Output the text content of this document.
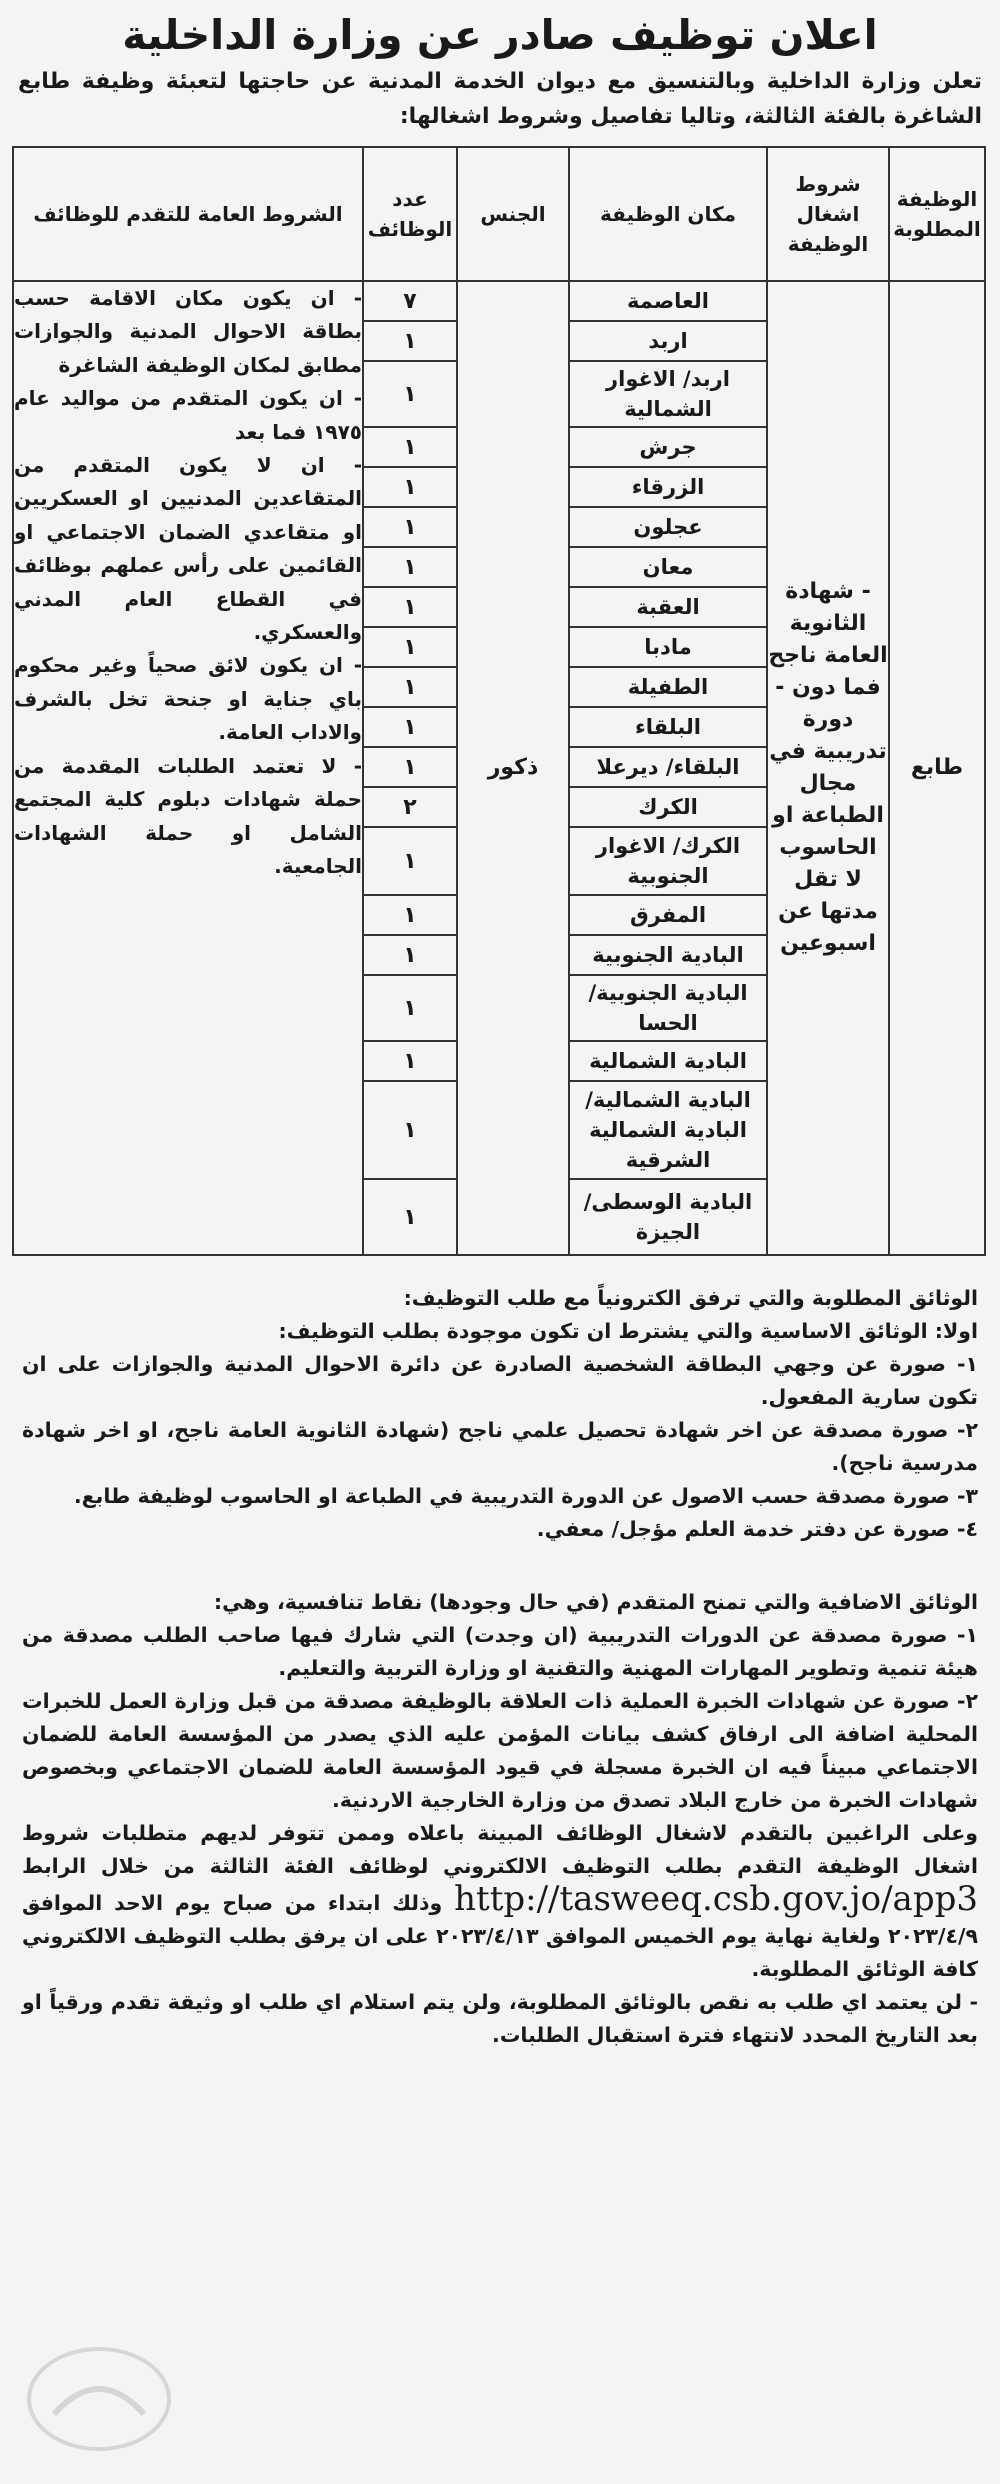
اعلان توظيف صادر عن وزارة الداخلية

تعلن وزارة الداخلية وبالتنسيق مع ديوان الخدمة المدنية عن حاجتها لتعبئة وظيفة طابع الشاغرة بالفئة الثالثة، وتاليا تفاصيل وشروط اشغالها:

الوظيفة المطلوبة	شروط اشغال الوظيفة	مكان الوظيفة	الجنس	عدد الوظائف	الشروط العامة للتقدم للوظائف
طابع	- شهادة الثانوية العامة ناجح فما دون - دورة تدريبية في مجال الطباعة او الحاسوب لا تقل مدتها عن اسبوعين	العاصمة	ذكور	٧	- ان يكون مكان الاقامة حسب بطاقة الاحوال المدنية والجوازات مطابق لمكان الوظيفة الشاغرة
- ان يكون المتقدم من مواليد عام ١٩٧٥ فما بعد
- ان لا يكون المتقدم من المتقاعدين المدنيين او العسكريين او متقاعدي الضمان الاجتماعي او القائمين على رأس عملهم بوظائف في القطاع العام المدني والعسكري.
- ان يكون لائق صحياً وغير محكوم باي جناية او جنحة تخل بالشرف والاداب العامة.
- لا تعتمد الطلبات المقدمة من حملة شهادات دبلوم كلية المجتمع الشامل او حملة الشهادات الجامعية.

		اربد		١	
		اربد/ الاغوار الشمالية		١	
		جرش		١	
		الزرقاء		١	
		عجلون		١	
		معان		١	
		العقبة		١	
		مادبا		١	
		الطفيلة		١	
		البلقاء		١	
		البلقاء/ ديرعلا		١	
		الكرك		٢	
		الكرك/ الاغوار الجنوبية		١	
		المفرق		١	
		البادية الجنوبية		١	
		البادية الجنوبية/ الحسا		١	
		البادية الشمالية		١	
		البادية الشمالية/ البادية الشمالية الشرقية		١	
		البادية الوسطى/ الجيزة		١	

الوثائق المطلوبة والتي ترفق الكترونياً مع طلب التوظيف:

اولا: الوثائق الاساسية والتي يشترط ان تكون موجودة بطلب التوظيف:

١- صورة عن وجهي البطاقة الشخصية الصادرة عن دائرة الاحوال المدنية والجوازات على ان تكون سارية المفعول.

٢- صورة مصدقة عن اخر شهادة تحصيل علمي ناجح (شهادة الثانوية العامة ناجح، او اخر شهادة مدرسية ناجح).

٣- صورة مصدقة حسب الاصول عن الدورة التدريبية في الطباعة او الحاسوب لوظيفة طابع.

٤- صورة عن دفتر خدمة العلم مؤجل/ معفي.

الوثائق الاضافية والتي تمنح المتقدم (في حال وجودها) نقاط تنافسية، وهي:

١- صورة مصدقة عن الدورات التدريبية (ان وجدت) التي شارك فيها صاحب الطلب مصدقة من هيئة تنمية وتطوير المهارات المهنية والتقنية او وزارة التربية والتعليم.

٢- صورة عن شهادات الخبرة العملية ذات العلاقة بالوظيفة مصدقة من قبل وزارة العمل للخبرات المحلية اضافة الى ارفاق كشف بيانات المؤمن عليه الذي يصدر من المؤسسة العامة للضمان الاجتماعي مبيناً فيه ان الخبرة مسجلة في قيود المؤسسة العامة للضمان الاجتماعي وبخصوص شهادات الخبرة من خارج البلاد تصدق من وزارة الخارجية الاردنية.

وعلى الراغبين بالتقدم لاشغال الوظائف المبينة باعلاه وممن تتوفر لديهم متطلبات شروط اشغال الوظيفة التقدم بطلب التوظيف الالكتروني لوظائف الفئة الثالثة من خلال الرابط http://tasweeq.csb.gov.jo/app3 وذلك ابتداء من صباح يوم الاحد الموافق ٢٠٢٣/٤/٩ ولغاية نهاية يوم الخميس الموافق ٢٠٢٣/٤/١٣ على ان يرفق بطلب التوظيف الالكتروني كافة الوثائق المطلوبة.

- لن يعتمد اي طلب به نقص بالوثائق المطلوبة، ولن يتم استلام اي طلب او وثيقة تقدم ورقياً او بعد التاريخ المحدد لانتهاء فترة استقبال الطلبات.
